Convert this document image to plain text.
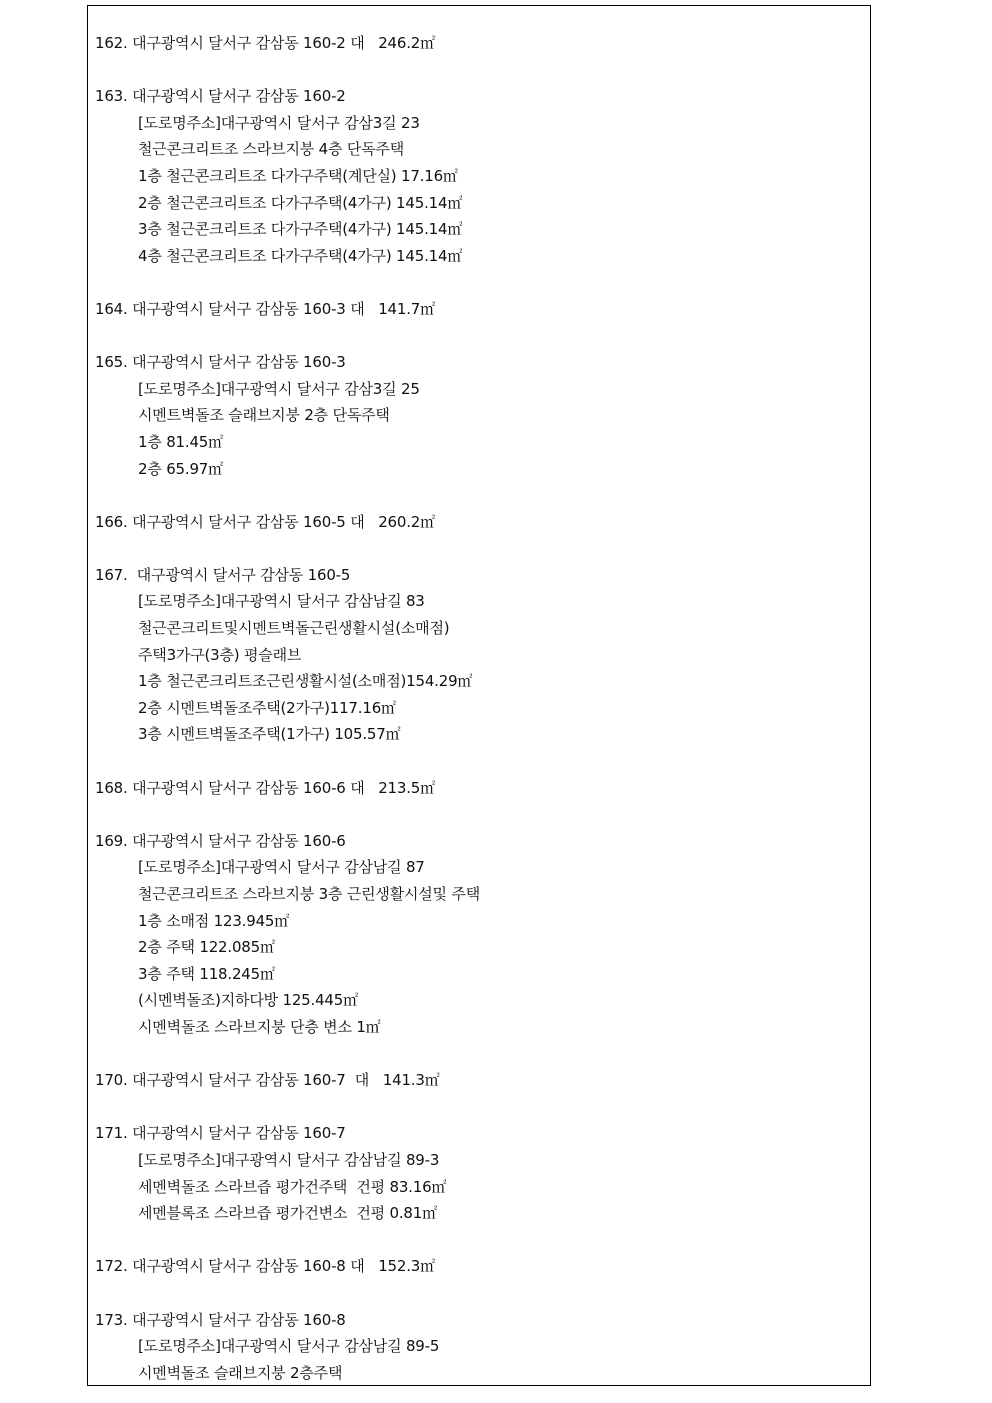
162. 대구광역시 달서구 감삼동 160-2 대   246.2㎡
163. 대구광역시 달서구 감삼동 160-2
[도로명주소]대구광역시 달서구 감삼3길 23
철근콘크리트조 스라브지붕 4층 단독주택
1층 철근콘크리트조 다가구주택(계단실) 17.16㎡
2층 철근콘크리트조 다가구주택(4가구) 145.14㎡
3층 철근콘크리트조 다가구주택(4가구) 145.14㎡
4층 철근콘크리트조 다가구주택(4가구) 145.14㎡
164. 대구광역시 달서구 감삼동 160-3 대   141.7㎡
165. 대구광역시 달서구 감삼동 160-3
[도로명주소]대구광역시 달서구 감삼3길 25
시멘트벽돌조 슬래브지붕 2층 단독주택
1층 81.45㎡
2층 65.97㎡
166. 대구광역시 달서구 감삼동 160-5 대   260.2㎡
167.  대구광역시 달서구 감삼동 160-5
[도로명주소]대구광역시 달서구 감삼남길 83
철근콘크리트및시멘트벽돌근린생활시설(소매점)
주택3가구(3층) 평슬래브
1층 철근콘크리트조근린생활시설(소매점)154.29㎡
2층 시멘트벽돌조주택(2가구)117.16㎡
3층 시멘트벽돌조주택(1가구) 105.57㎡
168. 대구광역시 달서구 감삼동 160-6 대   213.5㎡
169. 대구광역시 달서구 감삼동 160-6
[도로명주소]대구광역시 달서구 감삼남길 87
철근콘크리트조 스라브지붕 3층 근린생활시설및 주택
1층 소매점 123.945㎡
2층 주택 122.085㎡
3층 주택 118.245㎡
(시멘벽돌조)지하다방 125.445㎡
시멘벽돌조 스라브지붕 단층 변소 1㎡
170. 대구광역시 달서구 감삼동 160-7  대   141.3㎡
171. 대구광역시 달서구 감삼동 160-7
[도로명주소]대구광역시 달서구 감삼남길 89-3
세멘벽돌조 스라브즙 평가건주택  건평 83.16㎡
세멘블록조 스라브즙 평가건변소  건평 0.81㎡
172. 대구광역시 달서구 감삼동 160-8 대   152.3㎡
173. 대구광역시 달서구 감삼동 160-8
[도로명주소]대구광역시 달서구 감삼남길 89-5
시멘벽돌조 슬래브지붕 2층주택
